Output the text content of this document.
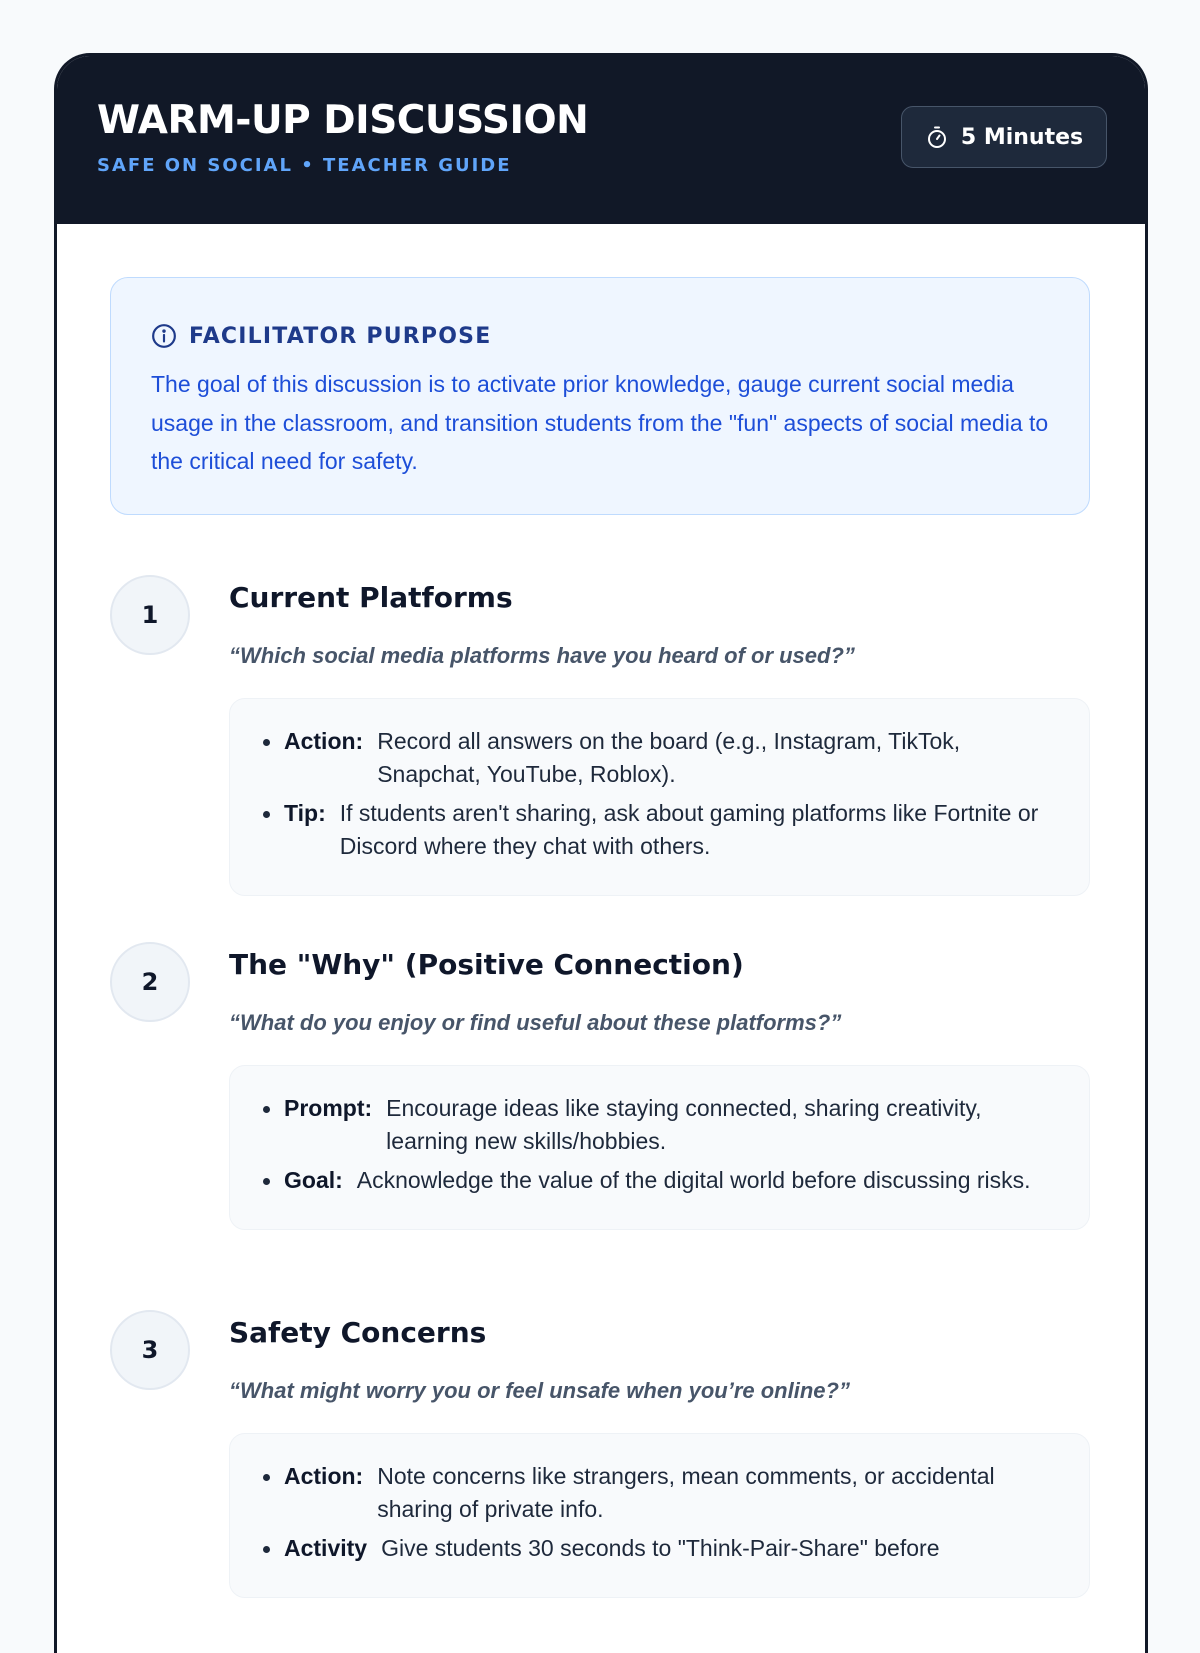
WARM-UP DISCUSSION
SAFE ON SOCIAL • TEACHER GUIDE
5 Minutes
FACILITATOR PURPOSE

The goal of this discussion is to activate prior knowledge, gauge current social media usage in the classroom, and transition students from the "fun" aspects of social media to the critical need for safety.

1
Current Platforms
“Which social media platforms have you heard of or used?”
Action: Record all answers on the board (e.g., Instagram, TikTok, Snapchat, YouTube, Roblox).
Tip: If students aren't sharing, ask about gaming platforms like Fortnite or Discord where they chat with others.
2
The "Why" (Positive Connection)
“What do you enjoy or find useful about these platforms?”
Prompt: Encourage ideas like staying connected, sharing creativity, learning new skills/hobbies.
Goal: Acknowledge the value of the digital world before discussing risks.
3
Safety Concerns
“What might worry you or feel unsafe when you’re online?”
Action: Note concerns like strangers, mean comments, or accidental sharing of private info.
Activity Give students 30 seconds to "Think-Pair-Share" before
